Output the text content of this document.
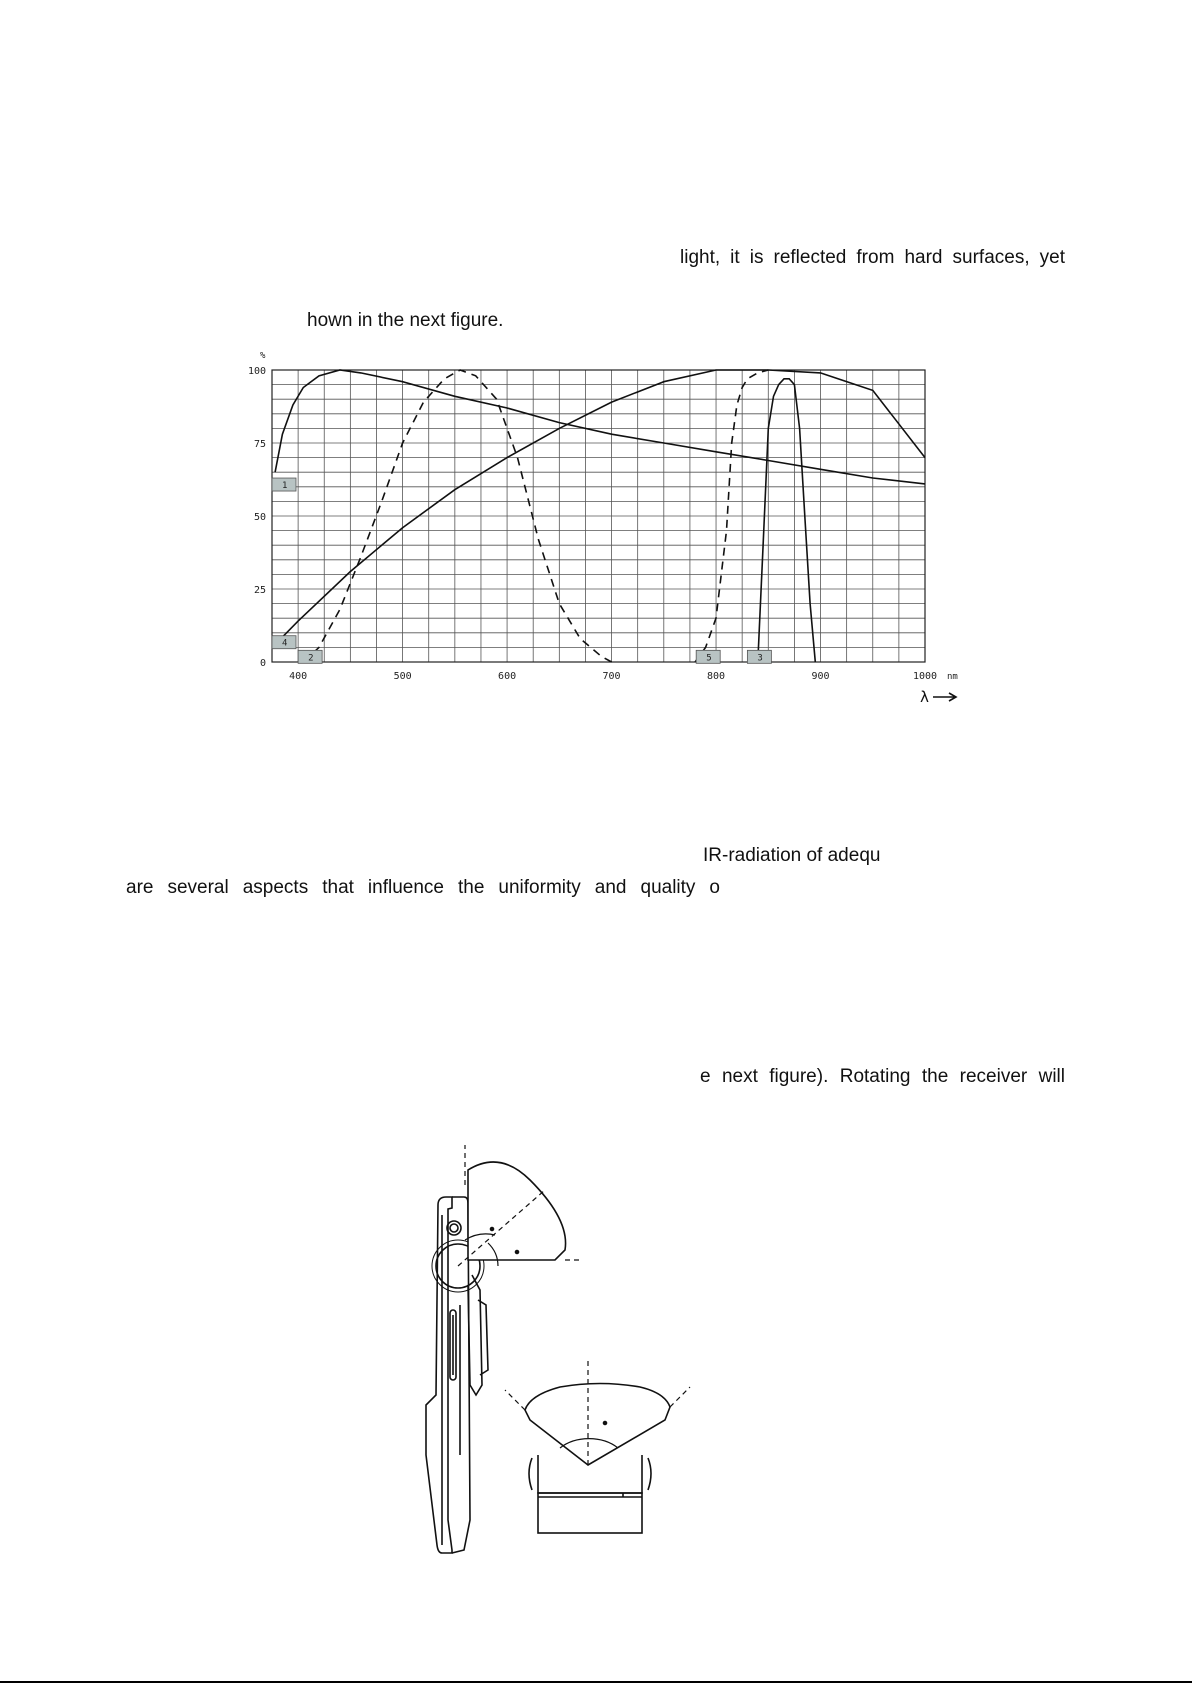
light, it is reflected from hard surfaces, yet
hown in the next figure.
0
25
50
75
100
400	500	600	700	800	900	1000
%
nm
λ
1
4
2	5	3
IR-radiation of adequ
are several aspects that influence the uniformity and quality o
e next figure). Rotating the receiver will
